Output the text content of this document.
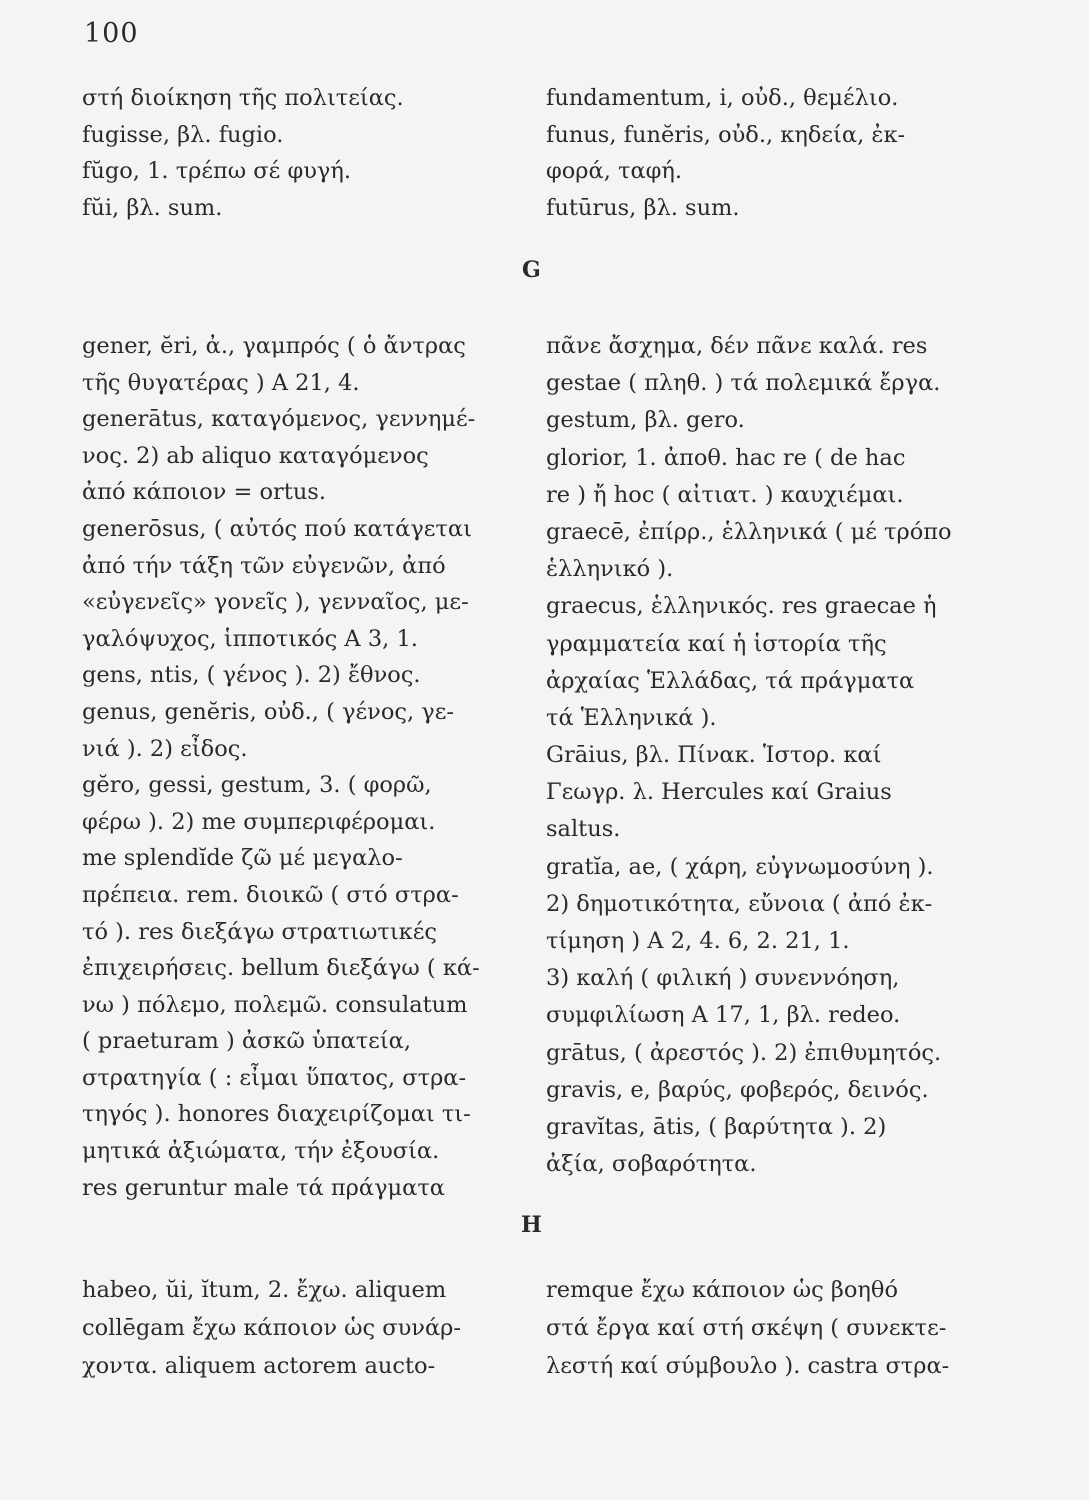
100
στή διοίκηση τῆς πολιτείας.
fugisse, βλ. fugio.
fŭgo, 1. τρέπω σέ φυγή.
fŭi, βλ. sum.
fundamentum, i, οὐδ., θεμέλιο.
funus, funĕris, οὐδ., κηδεία, ἐκ-
φορά, ταφή.
futūrus, βλ. sum.
G
gener, ĕri, ἀ., γαμπρός ( ὁ ἄντρας
τῆς θυγατέρας ) A 21, 4.
generātus, καταγόμενος, γεννημέ-
νος. 2) ab aliquo καταγόμενος
ἀπό κάποιον = ortus.
generōsus, ( αὐτός πού κατάγεται
ἀπό τήν τάξη τῶν εὐγενῶν, ἀπό
«εὐγενεῖς» γονεῖς ), γενναῖος, με-
γαλόψυχος, ἱπποτικός A 3, 1.
gens, ntis, ( γένος ). 2) ἔθνος.
genus, genĕris, οὐδ., ( γένος, γε-
νιά ). 2) εἶδος.
gĕro, gessi, gestum, 3. ( φορῶ,
φέρω ). 2) me συμπεριφέρομαι.
me splendĭde ζῶ μέ μεγαλο-
πρέπεια. rem. διοικῶ ( στό στρα-
τό ). res διεξάγω στρατιωτικές
ἐπιχειρήσεις. bellum διεξάγω ( κά-
νω ) πόλεμο, πολεμῶ. consulatum
( praeturam ) ἀσκῶ ὑπατεία,
στρατηγία ( : εἶμαι ὕπατος, στρα-
τηγός ). honores διαχειρίζομαι τι-
μητικά ἀξιώματα, τήν ἐξουσία.
res geruntur male τά πράγματα
πᾶνε ἄσχημα, δέν πᾶνε καλά. res
gestae ( πληθ. ) τά πολεμικά ἔργα.
gestum, βλ. gero.
glorior, 1. ἀποθ. hac re ( de hac
re ) ἤ hoc ( αἰτιατ. ) καυχιέμαι.
graecē, ἐπίρρ., ἑλληνικά ( μέ τρόπο
ἑλληνικό ).
graecus, ἑλληνικός. res graecae ἡ
γραμματεία καί ἡ ἱστορία τῆς
ἀρχαίας Ἑλλάδας, τά πράγματα
τά Ἑλληνικά ).
Grāius, βλ. Πίνακ. Ἱστορ. καί
Γεωγρ. λ. Hercules καί Graius
saltus.
gratĭa, ae, ( χάρη, εὐγνωμοσύνη ).
2) δημοτικότητα, εὔνοια ( ἀπό ἐκ-
τίμηση ) A 2, 4. 6, 2. 21, 1.
3) καλή ( φιλική ) συνεννόηση,
συμφιλίωση A 17, 1, βλ. redeo.
grātus, ( ἀρεστός ). 2) ἐπιθυμητός.
gravis, e, βαρύς, φοβερός, δεινός.
gravĭtas, ātis, ( βαρύτητα ). 2)
ἀξία, σοβαρότητα.
H
habeo, ŭi, ĭtum, 2. ἔχω. aliquem
collēgam ἔχω κάποιον ὡς συνάρ-
χοντα. aliquem actorem aucto-
remque ἔχω κάποιον ὡς βοηθό
στά ἔργα καί στή σκέψη ( συνεκτε-
λεστή καί σύμβουλο ). castra στρα-
